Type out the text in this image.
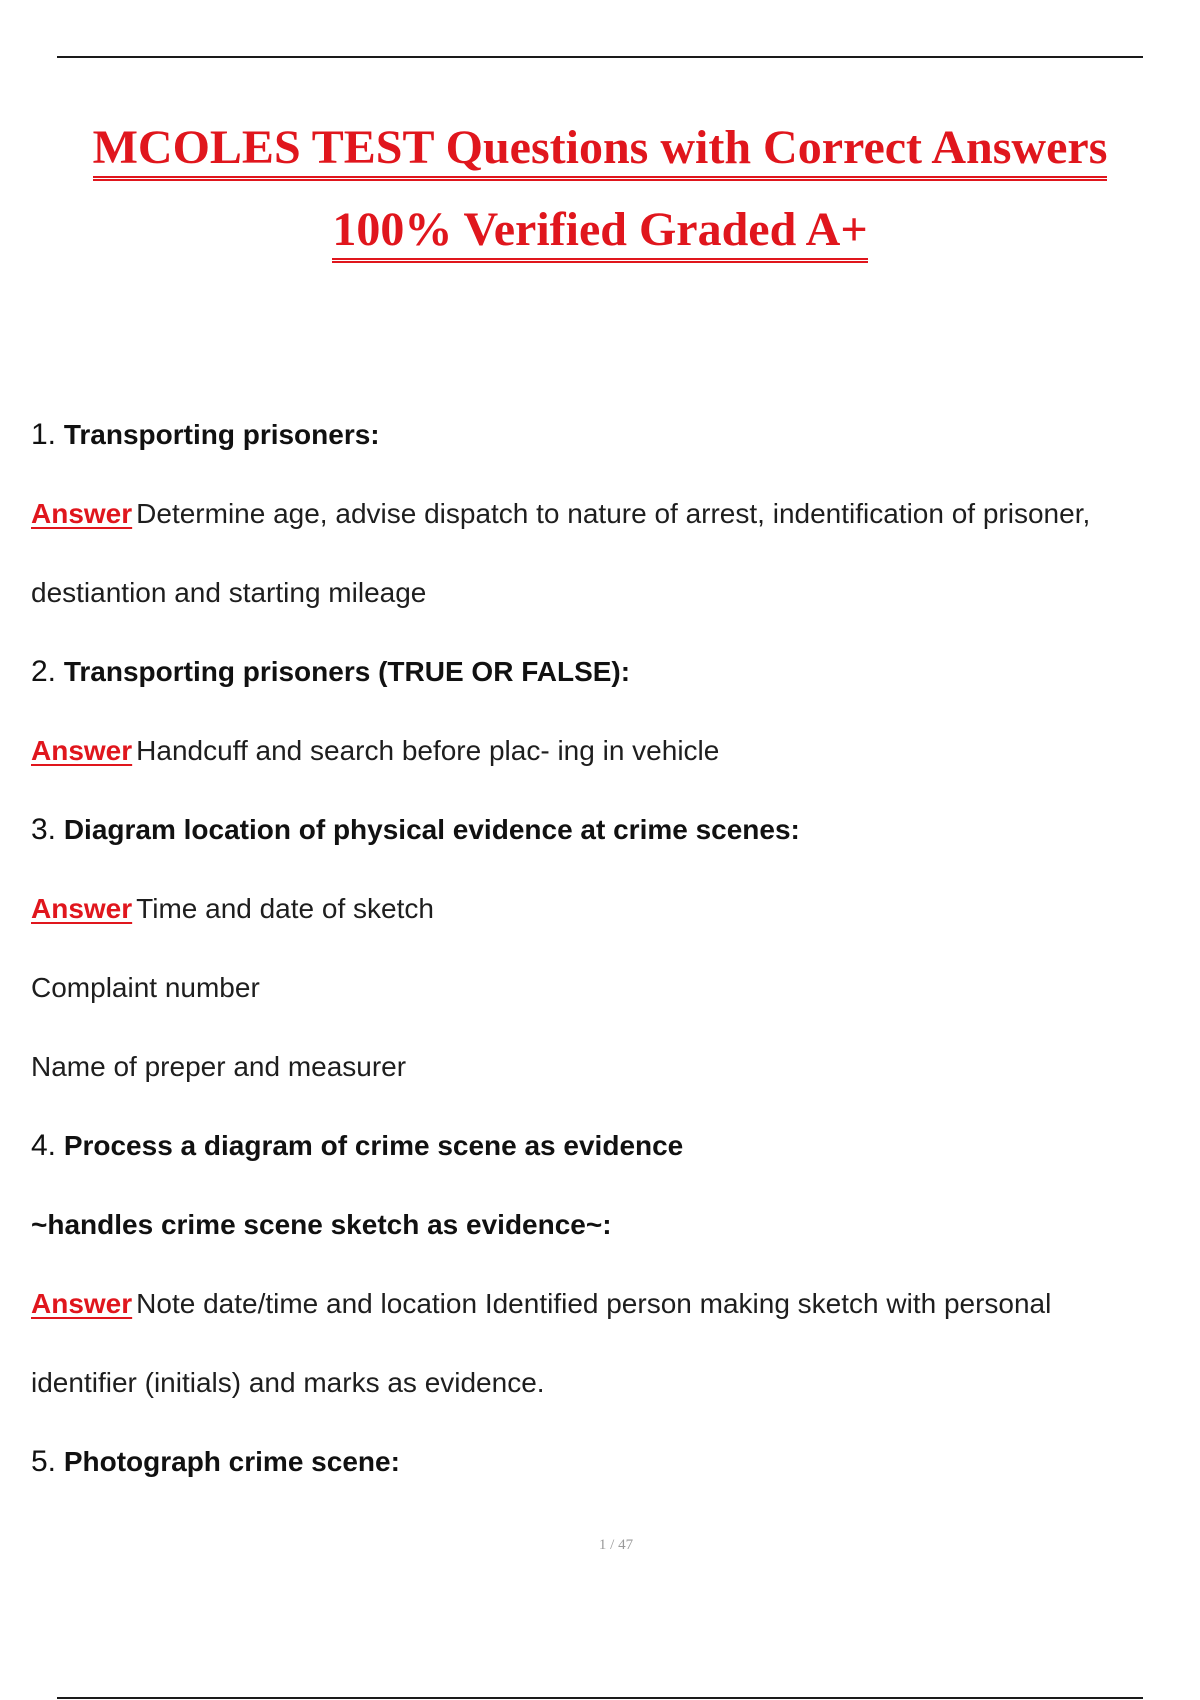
MCOLES TEST Questions with Correct Answers
100% Verified Graded A+
1. Transporting prisoners:
Answer Determine age, advise dispatch to nature of arrest, indentification of prisoner,
destiantion and starting mileage
2. Transporting prisoners (TRUE OR FALSE):
Answer Handcuff and search before plac- ing in vehicle
3. Diagram location of physical evidence at crime scenes:
Answer Time and date of sketch
Complaint number
Name of preper and measurer
4. Process a diagram of crime scene as evidence
~handles crime scene sketch as evidence~:
Answer Note date/time and location Identified person making sketch with personal
identifier (initials) and marks as evidence.
5. Photograph crime scene:
1 / 47
